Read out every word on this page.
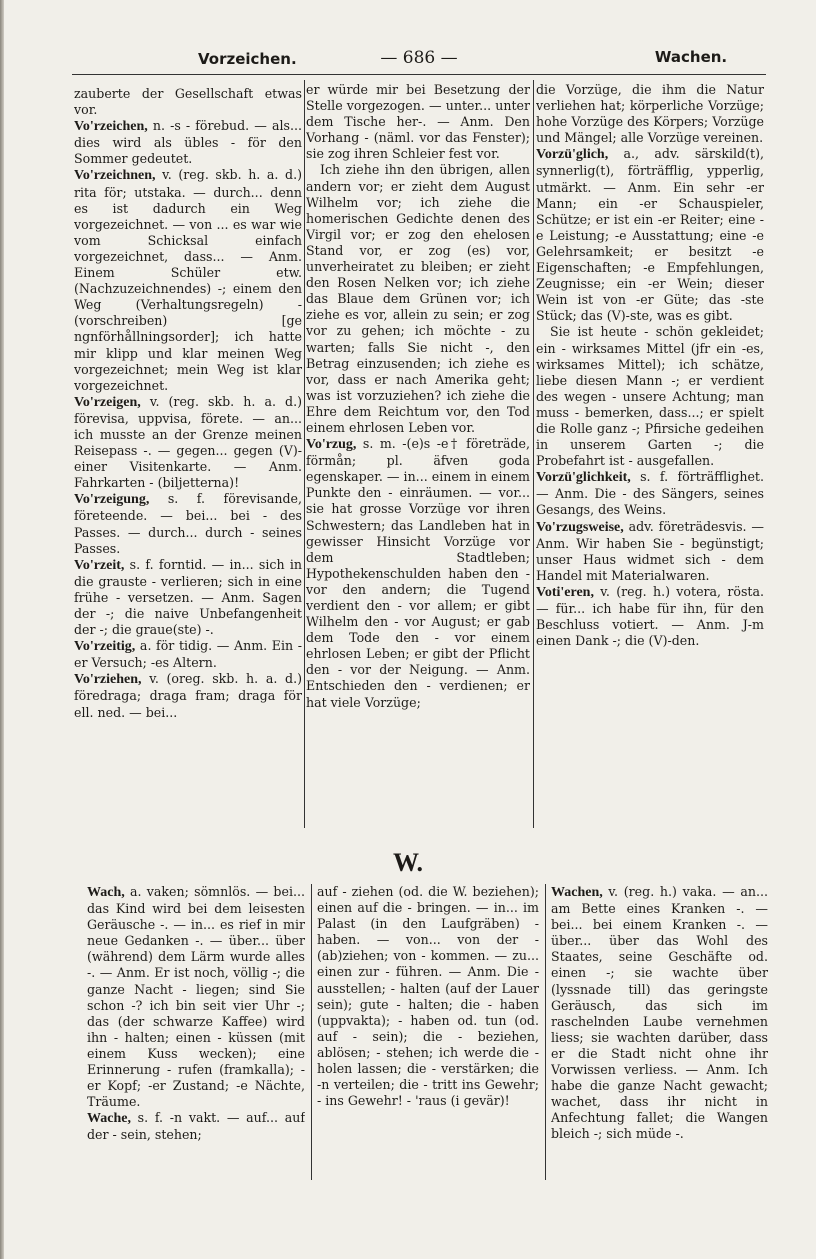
Vorzeichen.	— 686 —	Wachen.

zauberte der Gesellschaft etwas vor.

Vo'rzeichen, n. -s - förebud. — als... dies wird als übles - för den Sommer gedeutet.

Vo'rzeichnen, v. (reg. skb. h. a. d.) rita för; utstaka. — durch... denn es ist dadurch ein Weg vorgezeichnet. — von ... es war wie vom Schicksal einfach vorgezeichnet, dass... — Anm. Einem Schüler etw. (Nachzuzeichnendes) -; einem den Weg (Verhaltungsregeln) - (vorschreiben) [ge ngnförhållningsorder]; ich hatte mir klipp und klar meinen Weg vorgezeichnet; mein Weg ist klar vorgezeichnet.

Vo'rzeigen, v. (reg. skb. h. a. d.) förevisa, uppvisa, förete. — an... ich musste an der Grenze meinen Reisepass -. — gegen... gegen (V)-einer Visitenkarte. — Anm. Fahrkarten - (biljetterna)!

Vo'rzeigung, s. f. förevisande, företeende. — bei... bei - des Passes. — durch... durch - seines Passes.

Vo'rzeit, s. f. forntid. — in... sich in die grauste - verlieren; sich in eine frühe - versetzen. — Anm. Sagen der -; die naive Unbefangenheit der -; die graue(ste) -.

Vo'rzeitig, a. för tidig. — Anm. Ein -er Versuch; -es Altern.

Vo'rziehen, v. (oreg. skb. h. a. d.) föredraga; draga fram; draga för ell. ned. — bei...

er würde mir bei Besetzung der Stelle vorgezogen. — unter... unter dem Tische her-. — Anm. Den Vorhang - (näml. vor das Fenster); sie zog ihren Schleier fest vor.

Ich ziehe ihn den übrigen, allen andern vor; er zieht dem August Wilhelm vor; ich ziehe die homerischen Gedichte denen des Virgil vor; er zog den ehelosen Stand vor, er zog (es) vor, unverheiratet zu bleiben; er zieht den Rosen Nelken vor; ich ziehe das Blaue dem Grünen vor; ich ziehe es vor, allein zu sein; er zog vor zu gehen; ich möchte - zu warten; falls Sie nicht -, den Betrag einzusenden; ich ziehe es vor, dass er nach Amerika geht; was ist vorzuziehen? ich ziehe die Ehre dem Reichtum vor, den Tod einem ehrlosen Leben vor.

Vo'rzug, s. m. -(e)s -e† företräde, förmån; pl. äfven goda egenskaper. — in... einem in einem Punkte den - einräumen. — vor... sie hat grosse Vorzüge vor ihren Schwestern; das Landleben hat in gewisser Hinsicht Vorzüge vor dem Stadtleben; Hypothekenschulden haben den - vor den andern; die Tugend verdient den - vor allem; er gibt Wilhelm den - vor August; er gab dem Tode den - vor einem ehrlosen Leben; er gibt der Pflicht den - vor der Neigung. — Anm. Entschieden den - verdienen; er hat viele Vorzüge;

die Vorzüge, die ihm die Natur verliehen hat; körperliche Vorzüge; hohe Vorzüge des Körpers; Vorzüge und Mängel; alle Vorzüge vereinen.

Vorzü'glich, a., adv. särskild(t), synnerlig(t), förträfflig, ypperlig, utmärkt. — Anm. Ein sehr -er Mann; ein -er Schauspieler, Schütze; er ist ein -er Reiter; eine -e Leistung; -e Ausstattung; eine -e Gelehrsamkeit; er besitzt -e Eigenschaften; -e Empfehlungen, Zeugnisse; ein -er Wein; dieser Wein ist von -er Güte; das -ste Stück; das (V)-ste, was es gibt.

Sie ist heute - schön gekleidet; ein - wirksames Mittel (jfr ein -es, wirksames Mittel); ich schätze, liebe diesen Mann -; er verdient des wegen - unsere Achtung; man muss - bemerken, dass...; er spielt die Rolle ganz -; Pfirsiche gedeihen in unserem Garten -; die Probefahrt ist - ausgefallen.

Vorzü'glichkeit, s. f. förträfflighet. — Anm. Die - des Sängers, seines Gesangs, des Weins.

Vo'rzugsweise, adv. företrädesvis. — Anm. Wir haben Sie - begünstigt; unser Haus widmet sich - dem Handel mit Materialwaren.

Voti'eren, v. (reg. h.) votera, rösta. — für... ich habe für ihn, für den Beschluss votiert. — Anm. J-m einen Dank -; die (V)-den.

W.

Wach, a. vaken; sömnlös. — bei... das Kind wird bei dem leisesten Geräusche -. — in... es rief in mir neue Gedanken -. — über... über (während) dem Lärm wurde alles -. — Anm. Er ist noch, völlig -; die ganze Nacht - liegen; sind Sie schon -? ich bin seit vier Uhr -; das (der schwarze Kaffee) wird ihn - halten; einen - küssen (mit einem Kuss wecken); eine Erinnerung - rufen (framkalla); -er Kopf; -er Zustand; -e Nächte, Träume.

Wache, s. f. -n vakt. — auf... auf der - sein, stehen;

auf - ziehen (od. die W. beziehen); einen auf die - bringen. — in... im Palast (in den Laufgräben) - haben. — von... von der - (ab)ziehen; von - kommen. — zu... einen zur - führen. — Anm. Die - ausstellen; - halten (auf der Lauer sein); gute - halten; die - haben (uppvakta); - haben od. tun (od. auf - sein); die - beziehen, ablösen; - stehen; ich werde die - holen lassen; die - verstärken; die -n verteilen; die - tritt ins Gewehr; - ins Gewehr! - 'raus (i gevär)!

Wachen, v. (reg. h.) vaka. — an... am Bette eines Kranken -. — bei... bei einem Kranken -. — über... über das Wohl des Staates, seine Geschäfte od. einen -; sie wachte über (lyssnade till) das geringste Geräusch, das sich im raschelnden Laube vernehmen liess; sie wachten darüber, dass er die Stadt nicht ohne ihr Vorwissen verliess. — Anm. Ich habe die ganze Nacht gewacht; wachet, dass ihr nicht in Anfechtung fallet; die Wangen bleich -; sich müde -.
